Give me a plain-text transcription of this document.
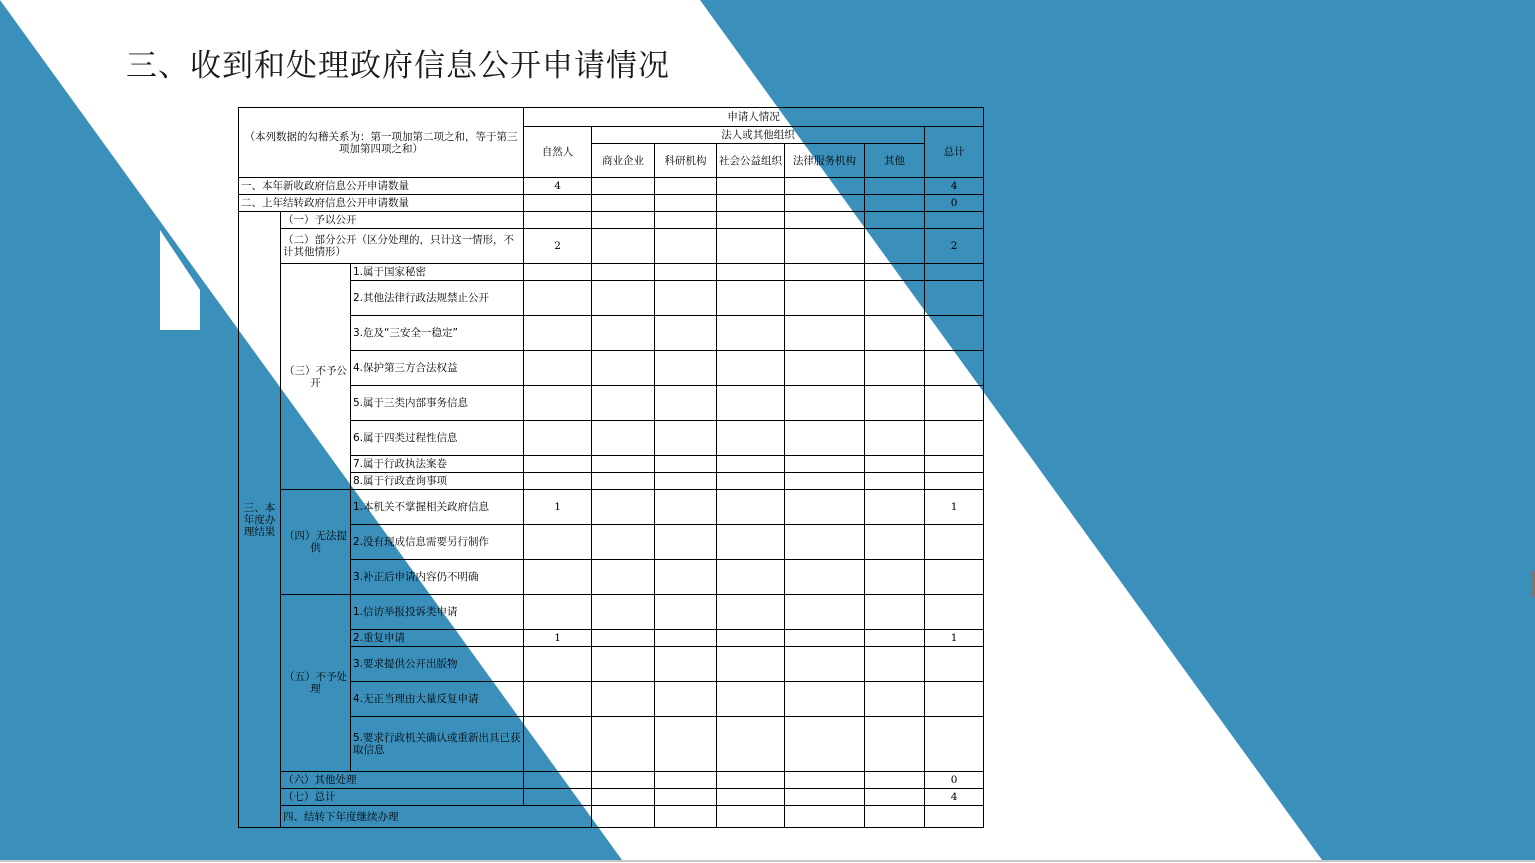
三、收到和处理政府信息公开申请情况
（本列数据的勾稽关系为：第一项加第二项之和，等于第三项加第四项之和）			申请人情况							
			自然人	法人或其他组织					总计	
				商业企业	科研机构	社会公益组织	法律服务机构	其他		
一、本年新收政府信息公开申请数量			4						4	
二、上年结转政府信息公开申请数量									0	
三、本年度办理结果	（一）予以公开									
	（二）部分公开（区分处理的，只计这一情形，不计其他情形）		2						2	
	（三）不予公开	1.属于国家秘密								
		2.其他法律行政法规禁止公开								
		3.危及“三安全一稳定”								
		4.保护第三方合法权益								
		5.属于三类内部事务信息								
		6.属于四类过程性信息								
		7.属于行政执法案卷								
		8.属于行政查询事项								
	（四）无法提供	1.本机关不掌握相关政府信息	1						1	
		2.没有现成信息需要另行制作								
		3.补正后申请内容仍不明确								
	（五）不予处理	1.信访举报投诉类申请								
		2.重复申请	1						1	
		3.要求提供公开出版物								
		4.无正当理由大量反复申请								
		5.要求行政机关确认或重新出具已获取信息								
	（六）其他处理								0	
	（七）总计								4	
	四、结转下年度继续办理							
